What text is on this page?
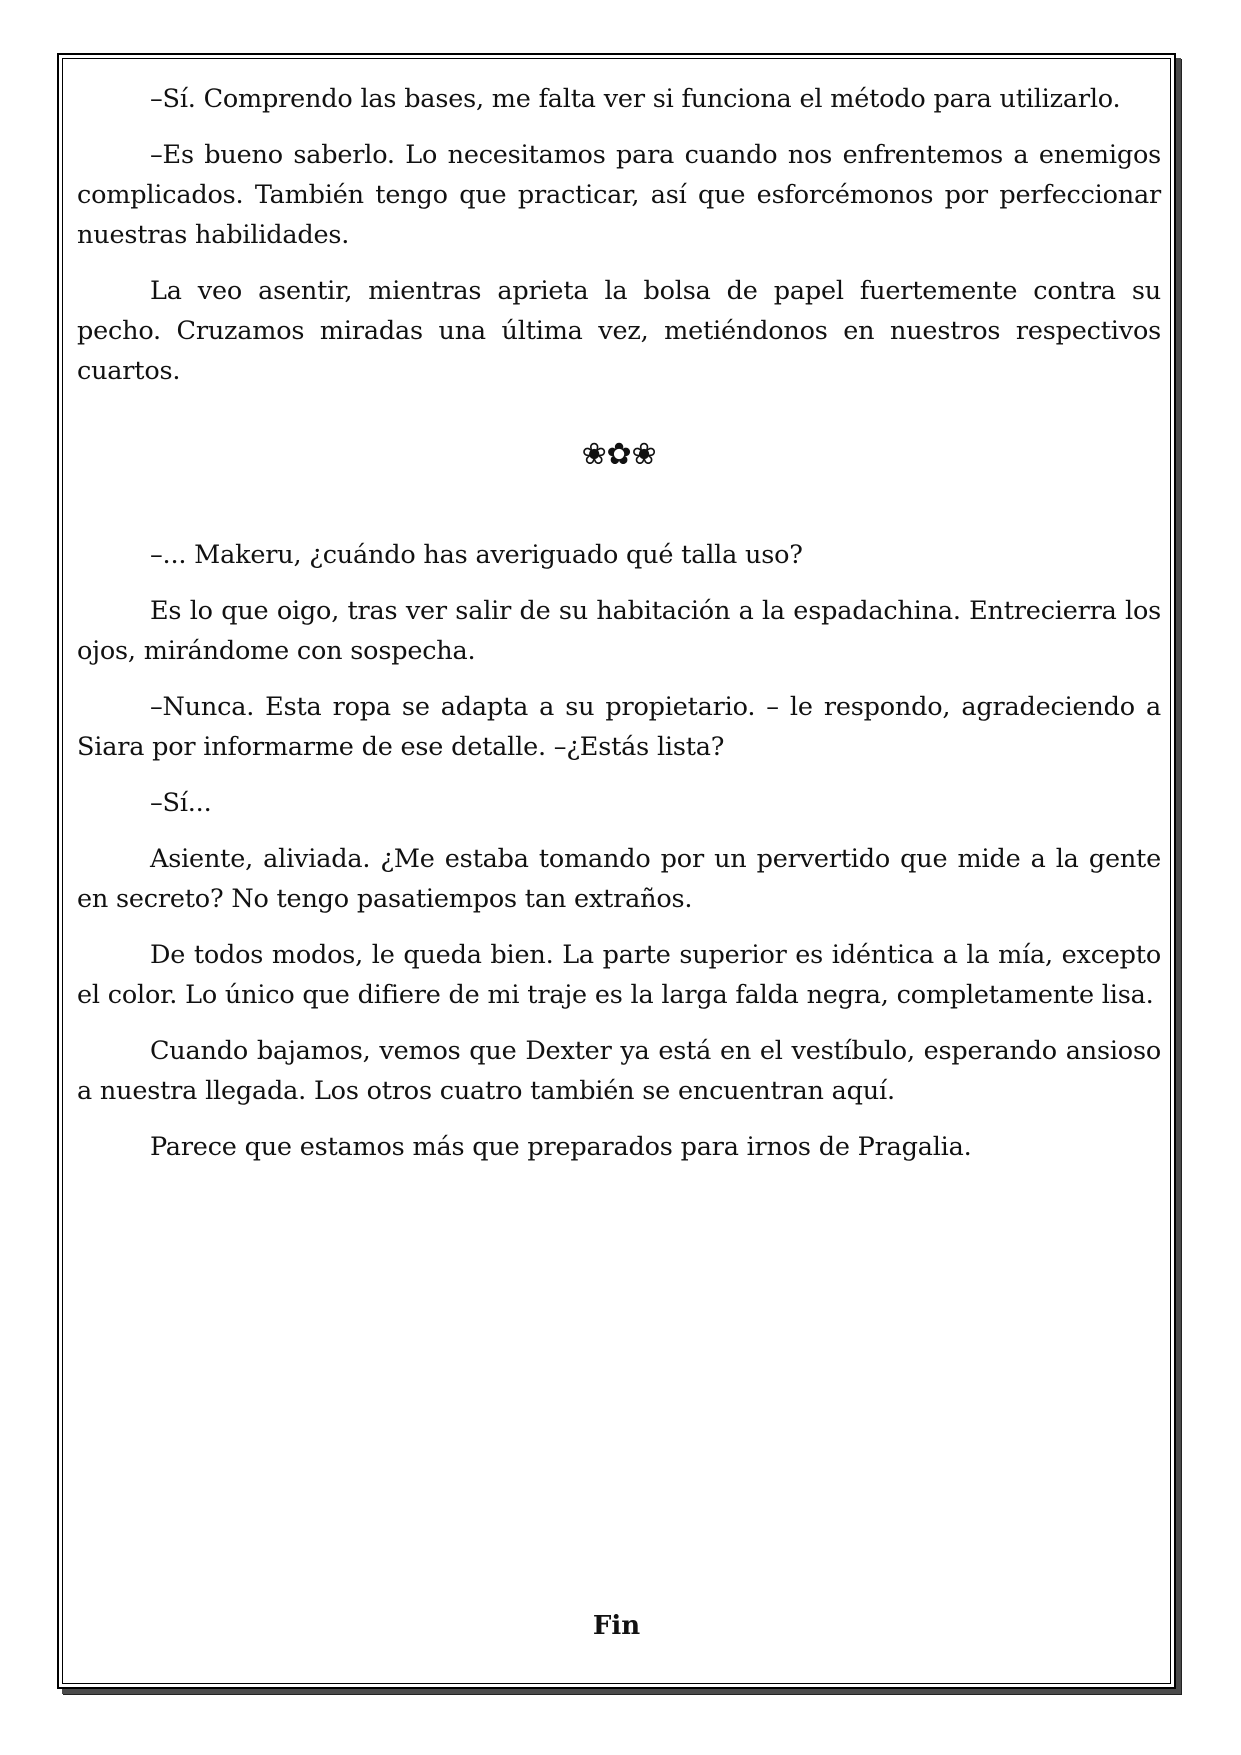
–Sí. Comprendo las bases, me falta ver si funciona el método para utilizarlo.

–Es bueno saberlo. Lo necesitamos para cuando nos enfrentemos a enemigos complicados. También tengo que practicar, así que esforcémonos por perfeccionar nuestras habilidades.

La veo asentir, mientras aprieta la bolsa de papel fuertemente contra su pecho. Cruzamos miradas una última vez, metiéndonos en nuestros respectivos cuartos.

❀✿❀

–... Makeru, ¿cuándo has averiguado qué talla uso?

Es lo que oigo, tras ver salir de su habitación a la espadachina. Entrecierra los ojos, mirándome con sospecha.

–Nunca. Esta ropa se adapta a su propietario. – le respondo, agradeciendo a Siara por informarme de ese detalle. –¿Estás lista?

–Sí...

Asiente, aliviada. ¿Me estaba tomando por un pervertido que mide a la gente en secreto? No tengo pasatiempos tan extraños.

De todos modos, le queda bien. La parte superior es idéntica a la mía, excepto el color. Lo único que difiere de mi traje es la larga falda negra, completamente lisa.

Cuando bajamos, vemos que Dexter ya está en el vestíbulo, esperando ansioso a nuestra llegada. Los otros cuatro también se encuentran aquí.

Parece que estamos más que preparados para irnos de Pragalia.

Fin
